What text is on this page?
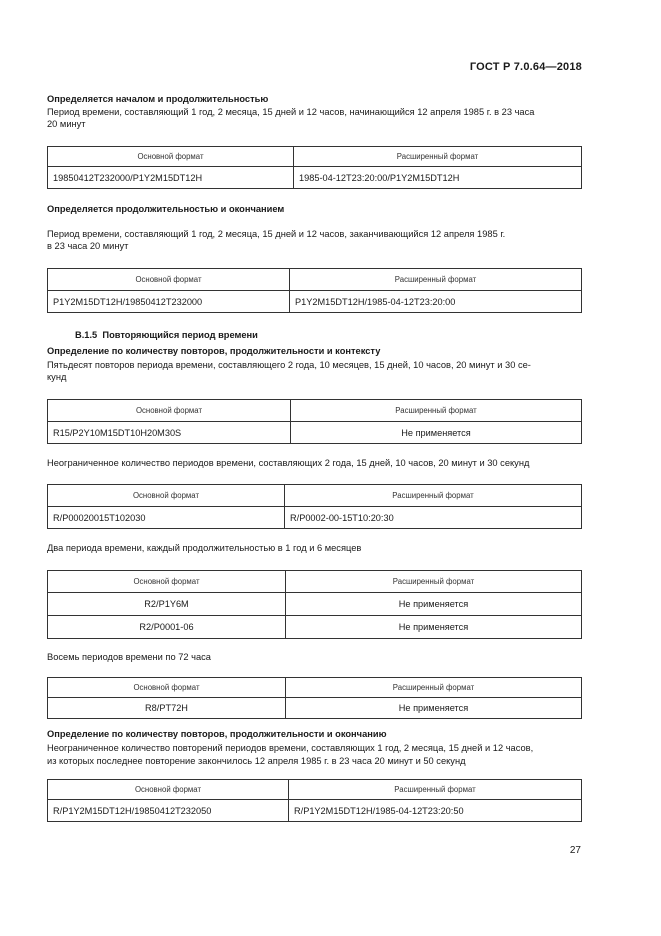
ГОСТ Р 7.0.64—2018
Определяется началом и продолжительностью
Период времени, составляющий 1 год, 2 месяца, 15 дней и 12 часов, начинающийся 12 апреля 1985 г. в 23 часа
20 минут
Основной формат	Расширенный формат
19850412T232000/P1Y2M15DT12H	1985-04-12T23:20:00/P1Y2M15DT12H
Определяется продолжительностью и окончанием
Период времени, составляющий 1 год, 2 месяца, 15 дней и 12 часов, заканчивающийся 12 апреля 1985 г.
в 23 часа 20 минут
Основной формат	Расширенный формат
P1Y2M15DT12H/19850412T232000	P1Y2M15DT12H/1985-04-12T23:20:00
В.1.5 Повторяющийся период времени
Определение по количеству повторов, продолжительности и контексту
Пятьдесят повторов периода времени, составляющего 2 года, 10 месяцев, 15 дней, 10 часов, 20 минут и 30 се-
кунд
Основной формат	Расширенный формат
R15/P2Y10M15DT10H20M30S	Не применяется
Неограниченное количество периодов времени, составляющих 2 года, 15 дней, 10 часов, 20 минут и 30 секунд
Основной формат	Расширенный формат
R/P00020015T102030	R/P0002-00-15T10:20:30
Два периода времени, каждый продолжительностью в 1 год и 6 месяцев
Основной формат	Расширенный формат
R2/P1Y6M	Не применяется
R2/P0001-06	Не применяется
Восемь периодов времени по 72 часа
Основной формат	Расширенный формат
R8/PT72H	Не применяется
Определение по количеству повторов, продолжительности и окончанию
Неограниченное количество повторений периодов времени, составляющих 1 год, 2 месяца, 15 дней и 12 часов,
из которых последнее повторение закончилось 12 апреля 1985 г. в 23 часа 20 минут и 50 секунд
Основной формат	Расширенный формат
R/P1Y2M15DT12H/19850412T232050	R/P1Y2M15DT12H/1985-04-12T23:20:50
27
